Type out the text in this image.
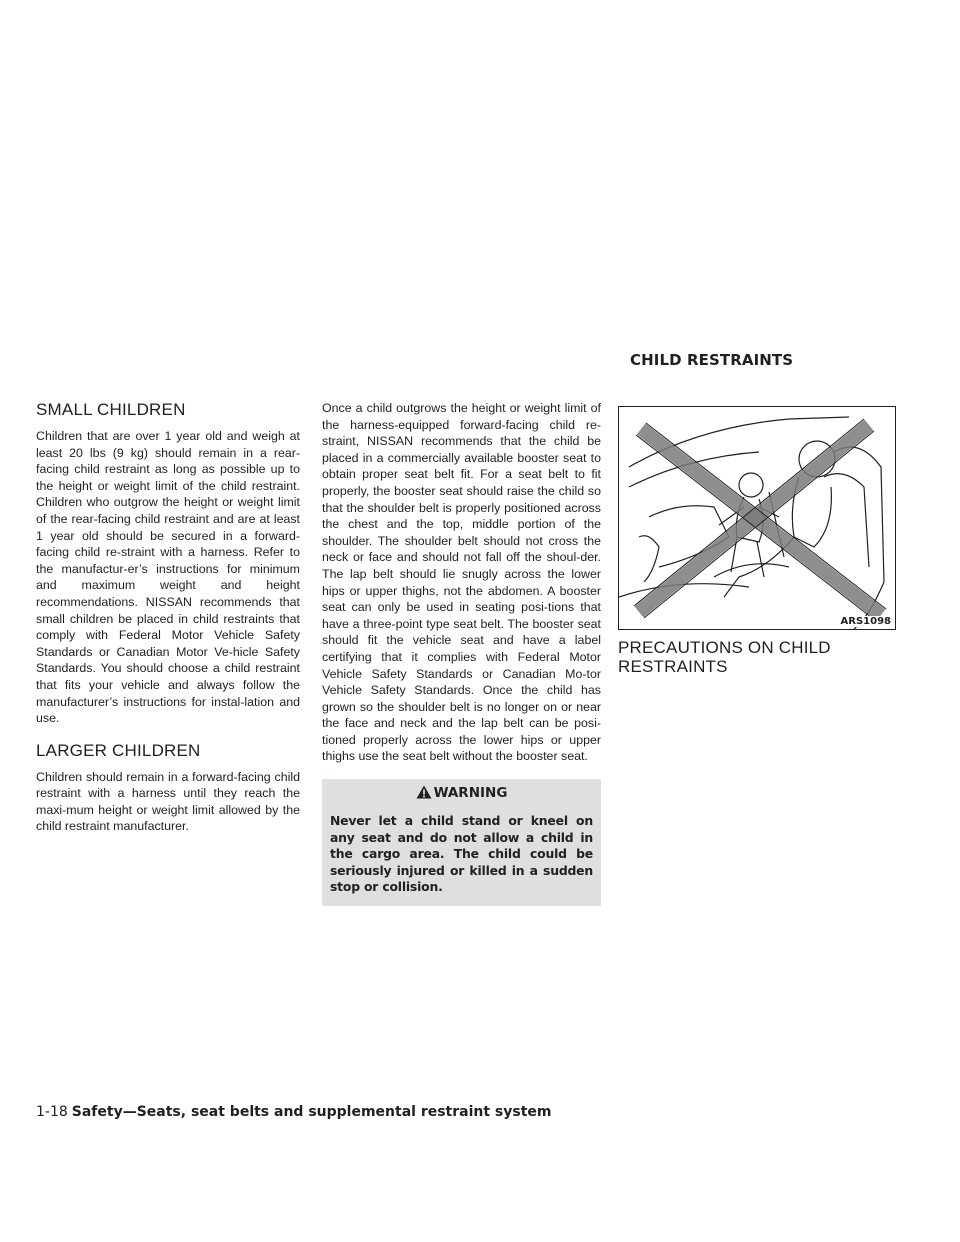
CHILD RESTRAINTS
SMALL CHILDREN

Children that are over 1 year old and weigh at least 20 lbs (9 kg) should remain in a rear-facing child restraint as long as possible up to the height or weight limit of the child restraint. Children who outgrow the height or weight limit of the rear-facing child restraint and are at least 1 year old should be secured in a forward-facing child re-straint with a harness. Refer to the manufactur-er’s instructions for minimum and maximum weight and height recommendations. NISSAN recommends that small children be placed in child restraints that comply with Federal Motor Vehicle Safety Standards or Canadian Motor Ve-hicle Safety Standards. You should choose a child restraint that fits your vehicle and always follow the manufacturer’s instructions for instal-lation and use.

LARGER CHILDREN

Children should remain in a forward-facing child restraint with a harness until they reach the maxi-mum height or weight limit allowed by the child restraint manufacturer.

Once a child outgrows the height or weight limit of the harness-equipped forward-facing child re-straint, NISSAN recommends that the child be placed in a commercially available booster seat to obtain proper seat belt fit. For a seat belt to fit properly, the booster seat should raise the child so that the shoulder belt is properly positioned across the chest and the top, middle portion of the shoulder. The shoulder belt should not cross the neck or face and should not fall off the shoul-der. The lap belt should lie snugly across the lower hips or upper thighs, not the abdomen. A booster seat can only be used in seating posi-tions that have a three-point type seat belt. The booster seat should fit the vehicle seat and have a label certifying that it complies with Federal Motor Vehicle Safety Standards or Canadian Mo-tor Vehicle Safety Standards. Once the child has grown so the shoulder belt is no longer on or near the face and neck and the lap belt can be posi-tioned properly across the lower hips or upper thighs use the seat belt without the booster seat.

WARNING
Never let a child stand or kneel on any seat and do not allow a child in the cargo area. The child could be seriously injured or killed in a sudden stop or collision.
ARS1098
PRECAUTIONS ON CHILD RESTRAINTS
1-18 Safety—Seats, seat belts and supplemental restraint system
